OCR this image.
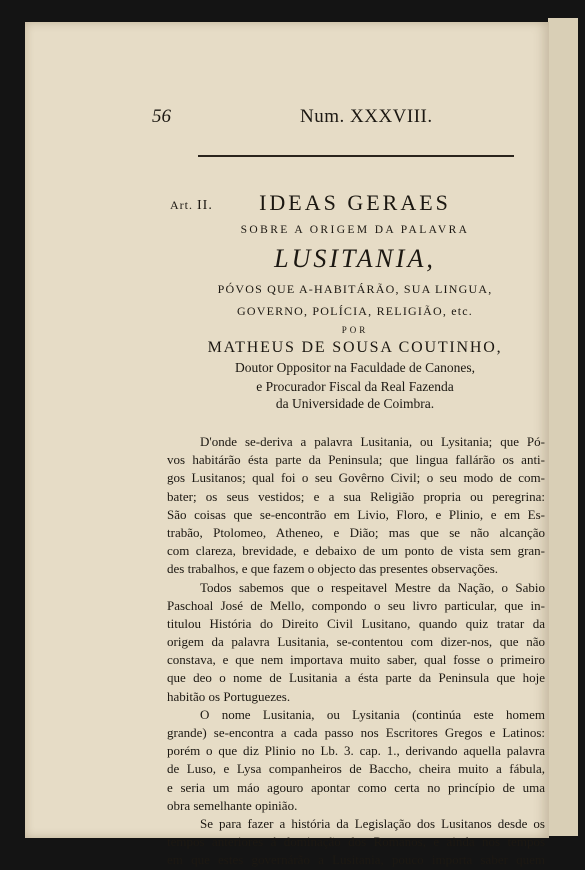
56	Num. XXXVIII.
Art. II.	IDEAS GERAES
SOBRE A ORIGEM DA PALAVRA
LUSITANIA,
PÓVOS QUE A-HABITÁRÃO, SUA LINGUA,
GOVERNO, POLÍCIA, RELIGIÃO, etc.
POR
MATHEUS DE SOUSA COUTINHO,
Doutor Oppositor na Faculdade de Canones,
e Procurador Fiscal da Real Fazenda
da Universidade de Coimbra.
D'onde se-deriva a palavra Lusitania, ou Lysitania; que Pó-
vos habitárão ésta parte da Peninsula; que lingua fallárão os anti-
gos Lusitanos; qual foi o seu Govêrno Civil; o seu modo de com-
bater; os seus vestidos; e a sua Religião propria ou peregrina:
São coisas que se-encontrão em Livio, Floro, e Plinio, e em Es-
trabão, Ptolomeo, Atheneo, e Dião; mas que se não alcanção
com clareza, brevidade, e debaixo de um ponto de vista sem gran-
des trabalhos, e que fazem o objecto das presentes observações.
Todos sabemos que o respeitavel Mestre da Nação, o Sabio
Paschoal José de Mello, compondo o seu livro particular, que in-
titulou História do Direito Civil Lusitano, quando quiz tratar da
origem da palavra Lusitania, se-contentou com dizer-nos, que não
constava, e que nem importava muito saber, qual fosse o primeiro
que deo o nome de Lusitania a ésta parte da Peninsula que hoje
habitão os Portuguezes.
O nome Lusitania, ou Lysitania (continúa este homem
grande) se-encontra a cada passo nos Escritores Gregos e Latinos:
porém o que diz Plinio no Lb. 3. cap. 1., derivando aquella palavra
de Luso, e Lysa companheiros de Baccho, cheira muito a fábula,
e seria um máo agouro apontar como certa no princípio de uma
obra semelhante opinião.
Se para fazer a história da Legislação dos Lusitanos desde os
tempos anteriores á dominação dos Romanos, e ainda nos tempos
em que estes governárão a Lusitania, pouco importa saber quem
